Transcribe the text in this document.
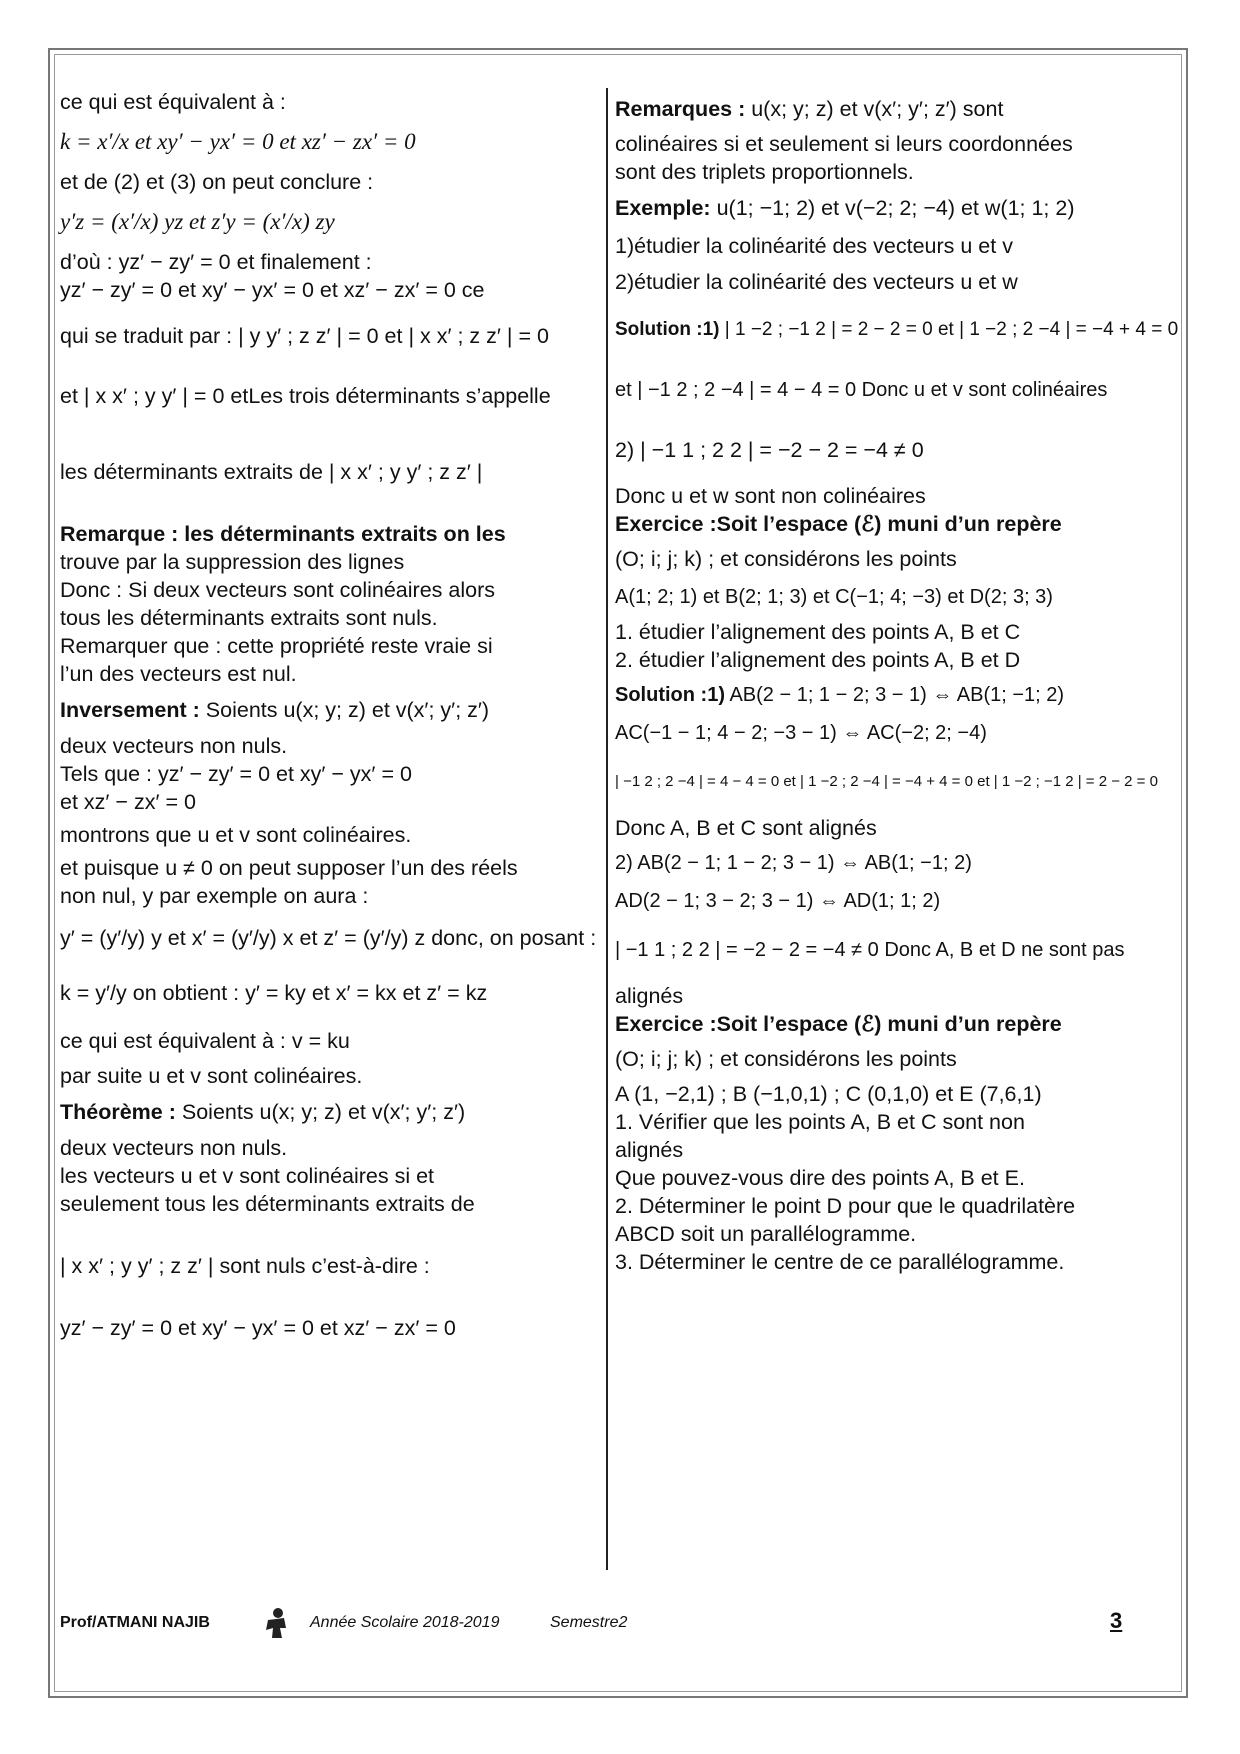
ce qui est équivalent à :
k = x′/x et xy′ − yx′ = 0 et xz′ − zx′ = 0
et de (2) et (3) on peut conclure :
y′z = (x′/x) yz et z′y = (x′/x) zy
d’où : yz′ − zy′ = 0 et finalement :
yz′ − zy′ = 0 et xy′ − yx′ = 0 et xz′ − zx′ = 0 ce
qui se traduit par : | y y′ ; z z′ | = 0 et | x x′ ; z z′ | = 0
et | x x′ ; y y′ | = 0 etLes trois déterminants s’appelle
les déterminants extraits de | x x′ ; y y′ ; z z′ |
Remarque : les déterminants extraits on les
trouve par la suppression des lignes
Donc : Si deux vecteurs sont colinéaires alors
tous les déterminants extraits sont nuls.
Remarquer que : cette propriété reste vraie si
l’un des vecteurs est nul.
Inversement : Soients u(x; y; z) et v(x′; y′; z′)
deux vecteurs non nuls.
Tels que : yz′ − zy′ = 0 et xy′ − yx′ = 0
et xz′ − zx′ = 0
montrons que u et v sont colinéaires.
et puisque u ≠ 0 on peut supposer l’un des réels
non nul, y par exemple on aura :
y′ = (y′/y) y et x′ = (y′/y) x et z′ = (y′/y) z donc, on posant :
k = y′/y on obtient : y′ = ky et x′ = kx et z′ = kz
ce qui est équivalent à : v = ku
par suite u et v sont colinéaires.
Théorème : Soients u(x; y; z) et v(x′; y′; z′)
deux vecteurs non nuls.
les vecteurs u et v sont colinéaires si et
seulement tous les déterminants extraits de
| x x′ ; y y′ ; z z′ | sont nuls c’est-à-dire :
yz′ − zy′ = 0 et xy′ − yx′ = 0 et xz′ − zx′ = 0
Remarques : u(x; y; z) et v(x′; y′; z′) sont
colinéaires si et seulement si leurs coordonnées
sont des triplets proportionnels.
Exemple: u(1; −1; 2) et v(−2; 2; −4) et w(1; 1; 2)
1)étudier la colinéarité des vecteurs u et v
2)étudier la colinéarité des vecteurs u et w
Solution :1) | 1 −2 ; −1 2 | = 2 − 2 = 0 et | 1 −2 ; 2 −4 | = −4 + 4 = 0
et | −1 2 ; 2 −4 | = 4 − 4 = 0 Donc u et v sont colinéaires
2) | −1 1 ; 2 2 | = −2 − 2 = −4 ≠ 0
Donc u et w sont non colinéaires
Exercice :Soit l’espace (ℰ) muni d’un repère
(O; i; j; k) ; et considérons les points
A(1; 2; 1) et B(2; 1; 3) et C(−1; 4; −3) et D(2; 3; 3)
1. étudier l’alignement des points A, B et C
2. étudier l’alignement des points A, B et D
Solution :1) AB(2 − 1; 1 − 2; 3 − 1) ⇔ AB(1; −1; 2)
AC(−1 − 1; 4 − 2; −3 − 1) ⇔ AC(−2; 2; −4)
| −1 2 ; 2 −4 | = 4 − 4 = 0 et | 1 −2 ; 2 −4 | = −4 + 4 = 0 et | 1 −2 ; −1 2 | = 2 − 2 = 0
Donc A, B et C sont alignés
2) AB(2 − 1; 1 − 2; 3 − 1) ⇔ AB(1; −1; 2)
AD(2 − 1; 3 − 2; 3 − 1) ⇔ AD(1; 1; 2)
| −1 1 ; 2 2 | = −2 − 2 = −4 ≠ 0 Donc A, B et D ne sont pas
alignés
Exercice :Soit l’espace (ℰ) muni d’un repère
(O; i; j; k) ; et considérons les points
A (1, −2,1) ; B (−1,0,1) ; C (0,1,0) et E (7,6,1)
1. Vérifier que les points A, B et C sont non
alignés
Que pouvez-vous dire des points A, B et E.
2. Déterminer le point D pour que le quadrilatère
ABCD soit un parallélogramme.
3. Déterminer le centre de ce parallélogramme.
Prof/ATMANI NAJIB	Année Scolaire 2018-2019	Semestre2	3
